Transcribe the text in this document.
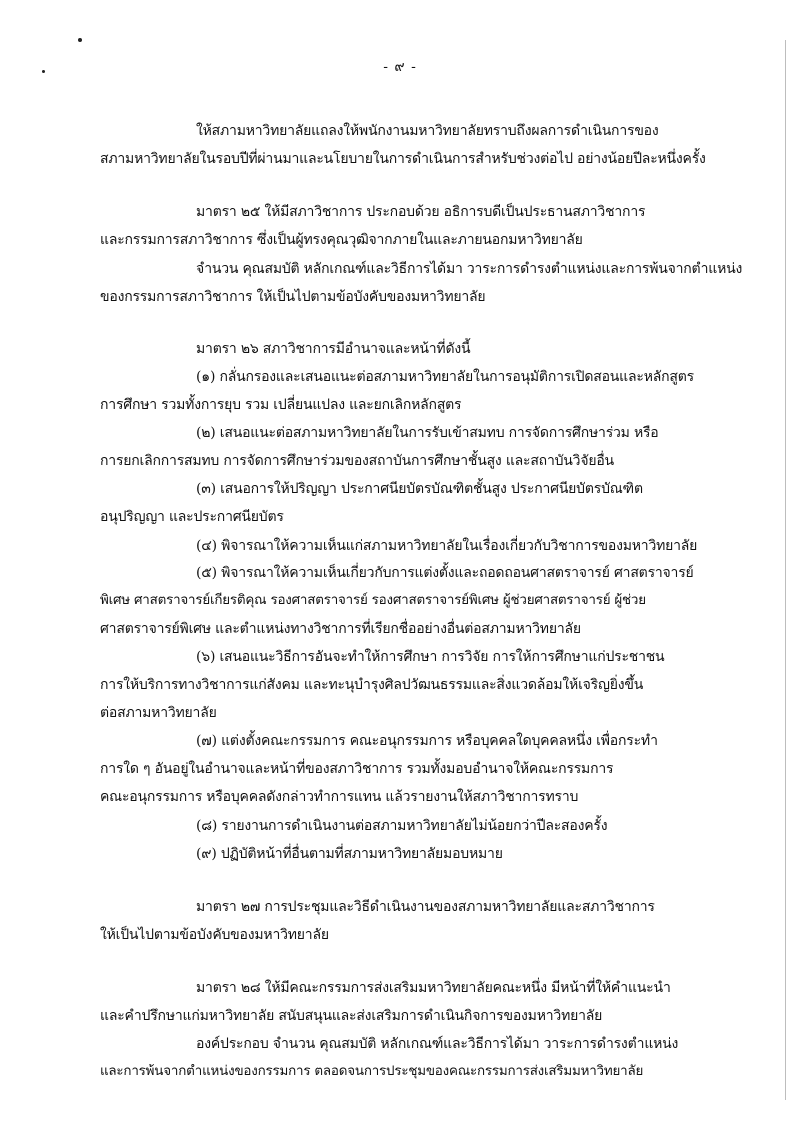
- ๙ -
ให้สภามหาวิทยาลัยแถลงให้พนักงานมหาวิทยาลัยทราบถึงผลการดำเนินการของ
สภามหาวิทยาลัยในรอบปีที่ผ่านมาและนโยบายในการดำเนินการสำหรับช่วงต่อไป อย่างน้อยปีละหนึ่งครั้ง
มาตรา ๒๕ ให้มีสภาวิชาการ ประกอบด้วย อธิการบดีเป็นประธานสภาวิชาการ
และกรรมการสภาวิชาการ ซึ่งเป็นผู้ทรงคุณวุฒิจากภายในและภายนอกมหาวิทยาลัย
จำนวน คุณสมบัติ หลักเกณฑ์และวิธีการได้มา วาระการดำรงตำแหน่งและการพ้นจากตำแหน่ง
ของกรรมการสภาวิชาการ ให้เป็นไปตามข้อบังคับของมหาวิทยาลัย
มาตรา ๒๖ สภาวิชาการมีอำนาจและหน้าที่ดังนี้
(๑) กลั่นกรองและเสนอแนะต่อสภามหาวิทยาลัยในการอนุมัติการเปิดสอนและหลักสูตร
การศึกษา รวมทั้งการยุบ รวม เปลี่ยนแปลง และยกเลิกหลักสูตร
(๒) เสนอแนะต่อสภามหาวิทยาลัยในการรับเข้าสมทบ การจัดการศึกษาร่วม หรือ
การยกเลิกการสมทบ การจัดการศึกษาร่วมของสถาบันการศึกษาชั้นสูง และสถาบันวิจัยอื่น
(๓) เสนอการให้ปริญญา ประกาศนียบัตรบัณฑิตชั้นสูง ประกาศนียบัตรบัณฑิต
อนุปริญญา และประกาศนียบัตร
(๔) พิจารณาให้ความเห็นแก่สภามหาวิทยาลัยในเรื่องเกี่ยวกับวิชาการของมหาวิทยาลัย
(๕) พิจารณาให้ความเห็นเกี่ยวกับการแต่งตั้งและถอดถอนศาสตราจารย์ ศาสตราจารย์
พิเศษ ศาสตราจารย์เกียรติคุณ รองศาสตราจารย์ รองศาสตราจารย์พิเศษ ผู้ช่วยศาสตราจารย์ ผู้ช่วย
ศาสตราจารย์พิเศษ และตำแหน่งทางวิชาการที่เรียกชื่ออย่างอื่นต่อสภามหาวิทยาลัย
(๖) เสนอแนะวิธีการอันจะทำให้การศึกษา การวิจัย การให้การศึกษาแก่ประชาชน
การให้บริการทางวิชาการแก่สังคม และทะนุบำรุงศิลปวัฒนธรรมและสิ่งแวดล้อมให้เจริญยิ่งขึ้น
ต่อสภามหาวิทยาลัย
(๗) แต่งตั้งคณะกรรมการ คณะอนุกรรมการ หรือบุคคลใดบุคคลหนึ่ง เพื่อกระทำ
การใด ๆ อันอยู่ในอำนาจและหน้าที่ของสภาวิชาการ รวมทั้งมอบอำนาจให้คณะกรรมการ
คณะอนุกรรมการ หรือบุคคลดังกล่าวทำการแทน แล้วรายงานให้สภาวิชาการทราบ
(๘) รายงานการดำเนินงานต่อสภามหาวิทยาลัยไม่น้อยกว่าปีละสองครั้ง
(๙) ปฏิบัติหน้าที่อื่นตามที่สภามหาวิทยาลัยมอบหมาย
มาตรา ๒๗ การประชุมและวิธีดำเนินงานของสภามหาวิทยาลัยและสภาวิชาการ
ให้เป็นไปตามข้อบังคับของมหาวิทยาลัย
มาตรา ๒๘ ให้มีคณะกรรมการส่งเสริมมหาวิทยาลัยคณะหนึ่ง มีหน้าที่ให้คำแนะนำ
และคำปรึกษาแก่มหาวิทยาลัย สนับสนุนและส่งเสริมการดำเนินกิจการของมหาวิทยาลัย
องค์ประกอบ จำนวน คุณสมบัติ หลักเกณฑ์และวิธีการได้มา วาระการดำรงตำแหน่ง
และการพ้นจากตำแหน่งของกรรมการ ตลอดจนการประชุมของคณะกรรมการส่งเสริมมหาวิทยาลัย
